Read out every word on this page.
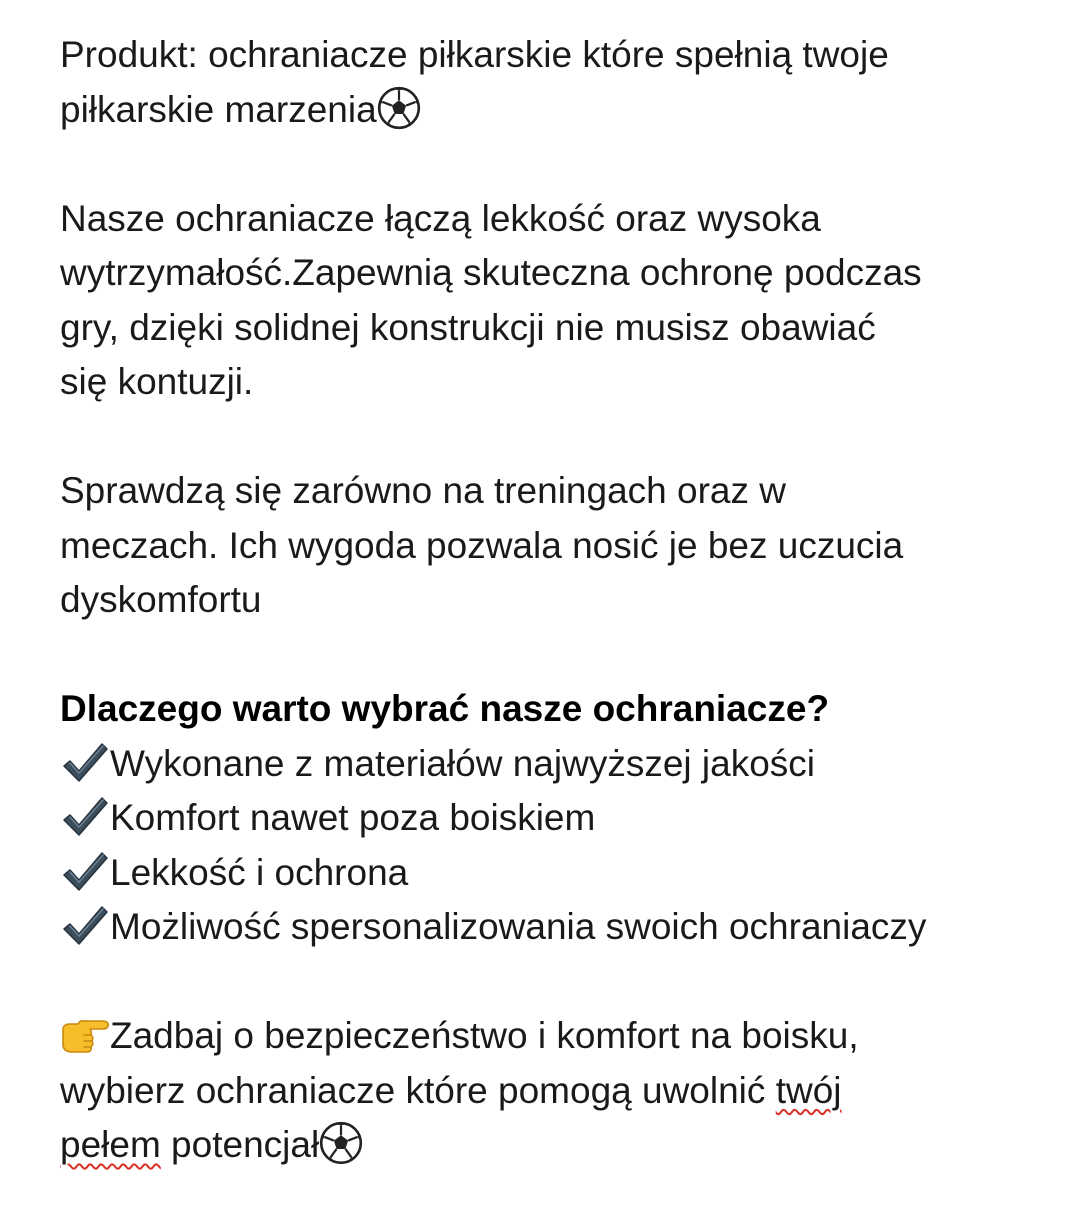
Produkt: ochraniacze piłkarskie które spełnią twoje

piłkarskie marzenia

Nasze ochraniacze łączą lekkość oraz wysoka

wytrzymałość.Zapewnią skuteczna ochronę podczas

gry, dzięki solidnej konstrukcji nie musisz obawiać

się kontuzji.

Sprawdzą się zarówno na treningach oraz w

meczach. Ich wygoda pozwala nosić je bez uczucia

dyskomfortu

Dlaczego warto wybrać nasze ochraniacze?

Wykonane z materiałów najwyższej jakości

Komfort nawet poza boiskiem

Lekkość i ochrona

Możliwość spersonalizowania swoich ochraniaczy

Zadbaj o bezpieczeństwo i komfort na boisku,

wybierz ochraniacze które pomogą uwolnić twój

pełem potencjał
